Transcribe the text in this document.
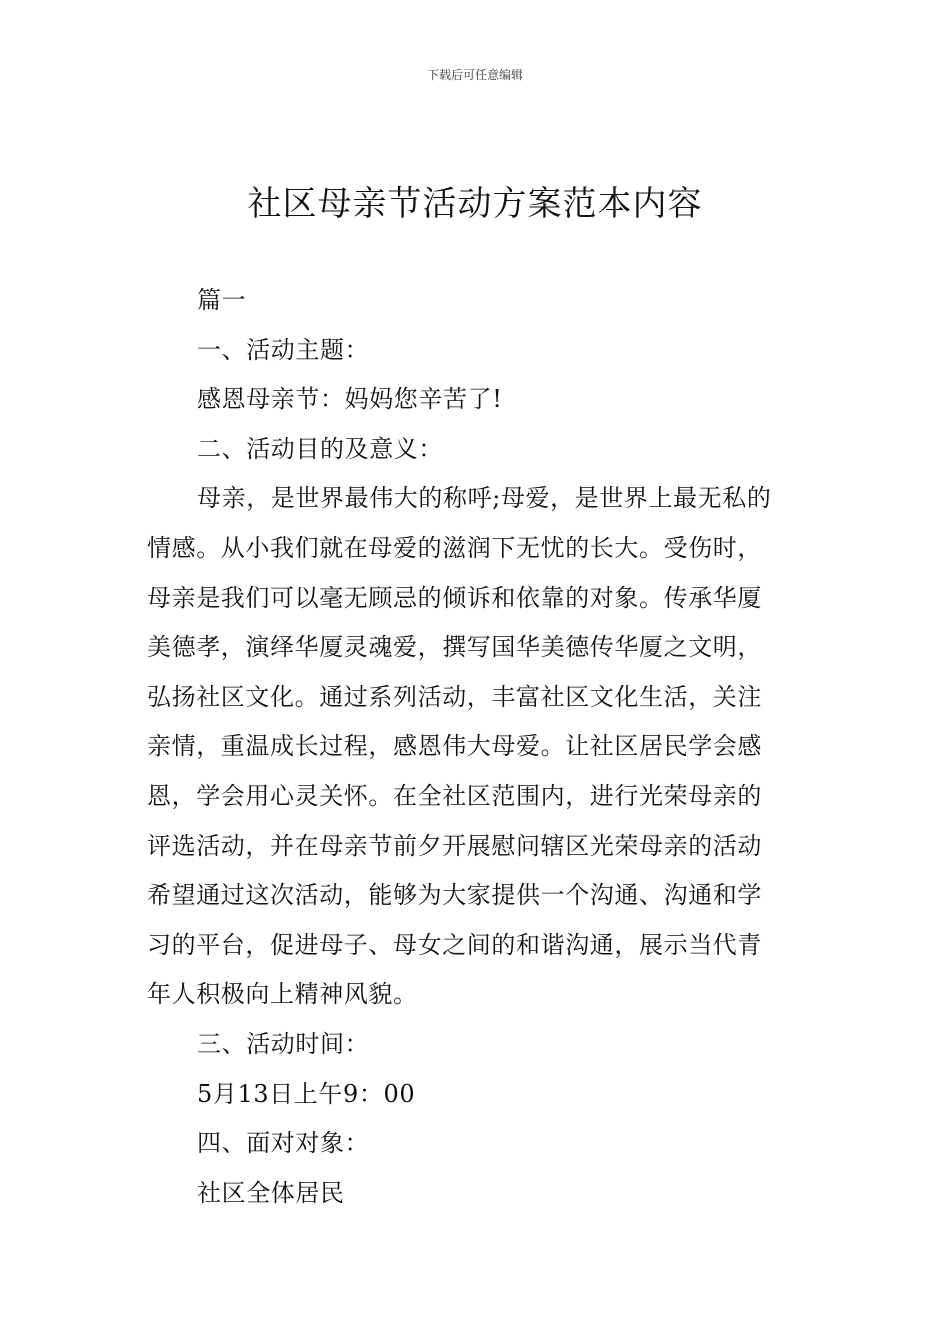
下载后可任意编辑
社区母亲节活动方案范本内容
篇一
一、活动主题：
感恩母亲节：妈妈您辛苦了!
二、活动目的及意义：
母亲，是世界最伟大的称呼;母爱，是世界上最无私的
情感。从小我们就在母爱的滋润下无忧的长大。受伤时，
母亲是我们可以毫无顾忌的倾诉和依靠的对象。传承华厦
美德孝，演绎华厦灵魂爱，撰写国华美德传华厦之文明，
弘扬社区文化。通过系列活动，丰富社区文化生活，关注
亲情，重温成长过程，感恩伟大母爱。让社区居民学会感
恩，学会用心灵关怀。在全社区范围内，进行光荣母亲的
评选活动，并在母亲节前夕开展慰问辖区光荣母亲的活动
希望通过这次活动，能够为大家提供一个沟通、沟通和学
习的平台，促进母子、母女之间的和谐沟通，展示当代青
年人积极向上精神风貌。
三、活动时间：
5月13日上午9：00
四、面对对象：
社区全体居民
